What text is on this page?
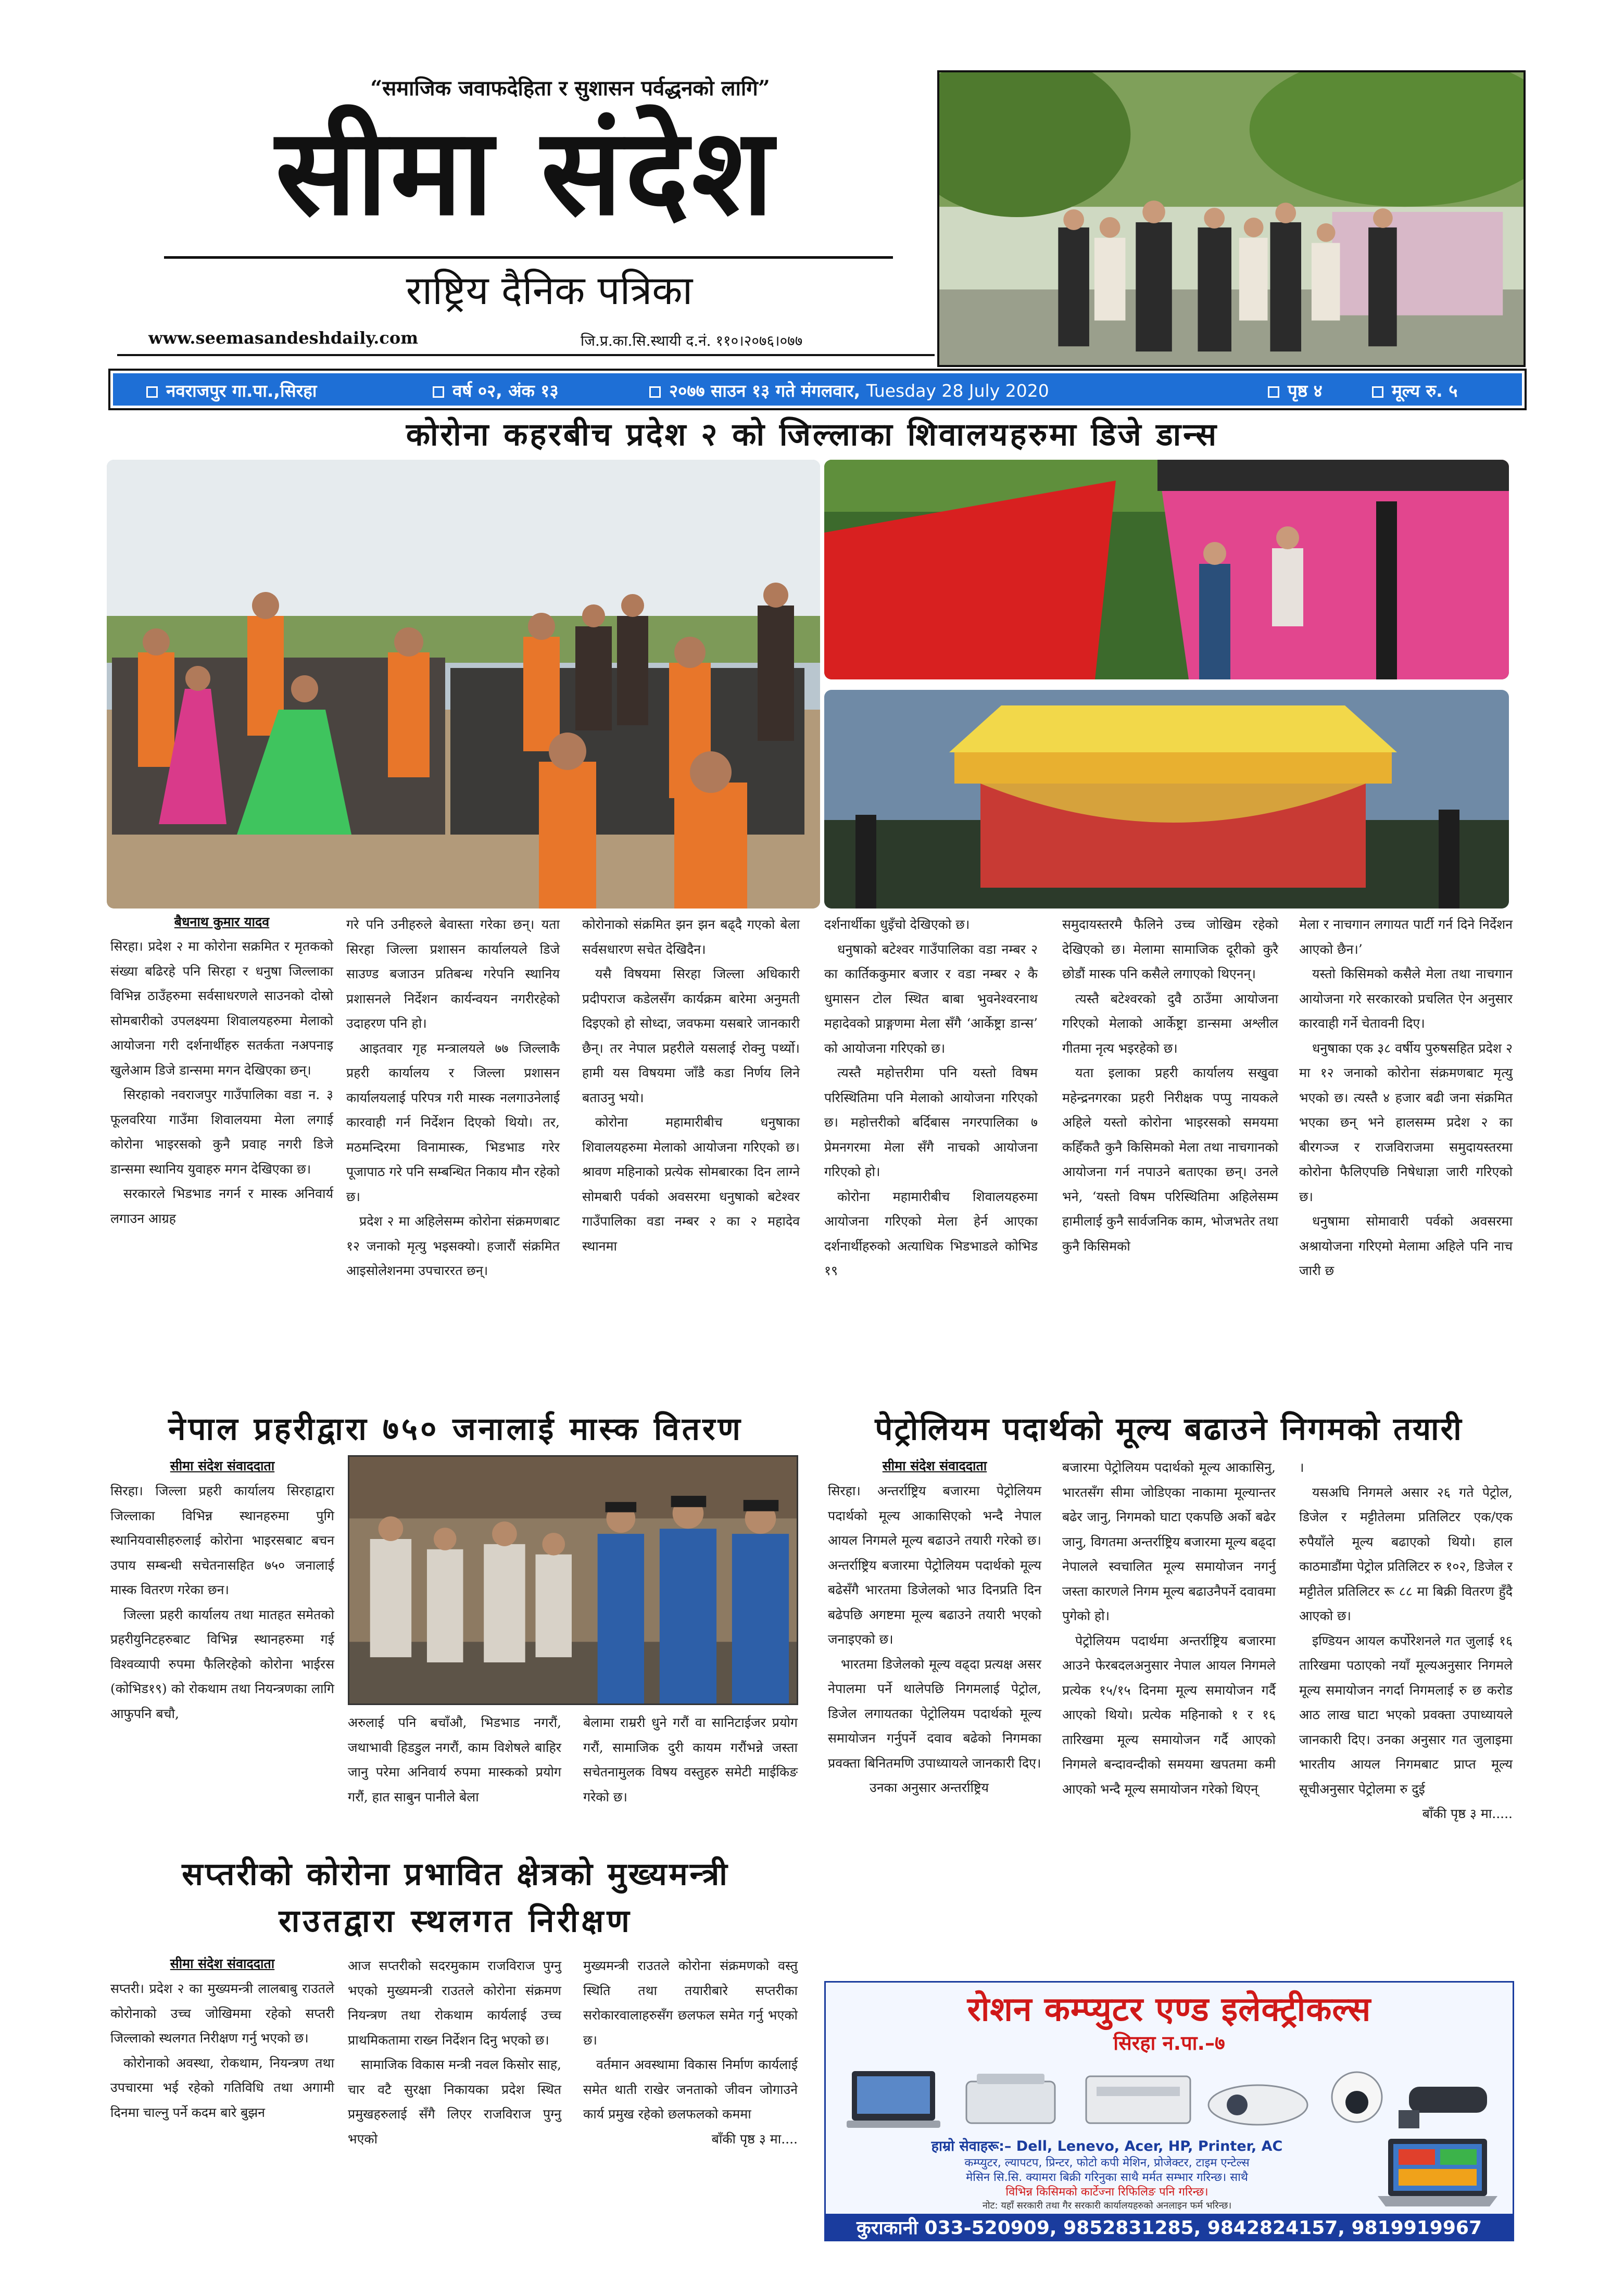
“समाजिक जवाफदेहिता र सुशासन पर्वद्धनको लागि”
सीमा संदेश
राष्ट्रिय दैनिक पत्रिका
www.seemasandeshdaily.com	जि.प्र.का.सि.स्थायी द.नं. ११०।२०७६।०७७
नवराजपुर गा.पा.,सिरहा	वर्ष ०२, अंक १३	२०७७ साउन १३ गते मंगलवार, Tuesday 28 July 2020	पृष्ठ ४	मूल्य रु. ५
कोरोना कहरबीच प्रदेश २ को जिल्लाका शिवालयहरुमा डिजे डान्स
बैधनाथ कुमार यादव

सिरहा। प्रदेश २ मा कोरोना सक्रमित र मृतकको संख्या बढिरहे पनि सिरहा र धनुषा जिल्लाका विभिन्न ठाउँहरुमा सर्वसाधरणले साउनको दोस्रो सोमबारीको उपलक्ष्यमा शिवालयहरुमा मेलाको आयोजना गरी दर्शनार्थीहरु सतर्कता नअपनाइ खुलेआम डिजे डान्समा मगन देखिएका छन्।

सिरहाको नवराजपुर गाउँपालिका वडा न. ३ फूलवरिया गाउँमा शिवालयमा मेला लगाई कोरोना भाइरसको कुनै प्रवाह नगरी डिजे डान्समा स्थानिय युवाहरु मगन देखिएका छ।

सरकारले भिडभाड नगर्न र मास्क अनिवार्य लगाउन आग्रह

गरे पनि उनीहरुले बेवास्ता गरेका छन्। यता सिरहा जिल्ला प्रशासन कार्यालयले डिजे साउण्ड बजाउन प्रतिबन्ध गरेपनि स्थानिय प्रशासनले निर्देशन कार्यन्वयन नगरीरहेको उदाहरण पनि हो।

आइतवार गृह मन्त्रालयले ७७ जिल्लाकै प्रहरी कार्यालय र जिल्ला प्रशासन कार्यालयलाई परिपत्र गरी मास्क नलगाउनेलाई कारवाही गर्न निर्देशन दिएको थियो। तर, मठमन्दिरमा विनामास्क, भिडभाड गरेर पूजापाठ गरे पनि सम्बन्धित निकाय मौन रहेको छ।

प्रदेश २ मा अहिलेसम्म कोरोना संक्रमणबाट १२ जनाको मृत्यु भइसक्यो। हजारौं संक्रमित आइसोलेशनमा उपचाररत छन्।

कोरोनाको संक्रमित झन झन बढ्दै गएको बेला सर्वसधारण सचेत देखिदैन।

यसै विषयमा सिरहा जिल्ला अधिकारी प्रदीपराज कडेलसँग कार्यक्रम बारेमा अनुमती दिइएको हो सोध्दा, जवफमा यसबारे जानकारी छैन्। तर नेपाल प्रहरीले यसलाई रोक्नु पर्थ्यो। हामी यस विषयमा जाँडै कडा निर्णय लिने बताउनु भयो।

कोरोना महामारीबीच धनुषाका शिवालयहरुमा मेलाको आयोजना गरिएको छ। श्रावण महिनाको प्रत्येक सोमबारका दिन लाग्ने सोमबारी पर्वको अवसरमा धनुषाको बटेश्वर गाउँपालिका वडा नम्बर २ का २ महादेव स्थानमा

दर्शनार्थीका धुइँचो देखिएको छ।

धनुषाको बटेश्वर गाउँपालिका वडा नम्बर २ का कार्तिककुमार बजार र वडा नम्बर २ कै धुमासन टोल स्थित बाबा भुवनेश्वरनाथ महादेवको प्राङ्गणमा मेला सँगै ‘आर्केष्ट्रा डान्स’ को आयोजना गरिएको छ।

त्यस्तै महोत्तरीमा पनि यस्तो विषम परिस्थितिमा पनि मेलाको आयोजना गरिएको छ। महोत्तरीको बर्दिबास नगरपालिका ७ प्रेमनगरमा मेला सँगै नाचको आयोजना गरिएको हो।

कोरोना महामारीबीच शिवालयहरुमा आयोजना गरिएको मेला हेर्न आएका दर्शनार्थीहरुको अत्याधिक भिडभाडले कोभिड १९

समुदायस्तरमै फैलिने उच्च जोखिम रहेको देखिएको छ। मेलामा सामाजिक दूरीको कुरै छोडौं मास्क पनि कसैले लगाएको थिएनन्।

त्यस्तै बटेश्वरको दुवै ठाउँमा आयोजना गरिएको मेलाको आर्केष्ट्रा डान्समा अश्लील गीतमा नृत्य भइरहेको छ।

यता इलाका प्रहरी कार्यालय सखुवा महेन्द्रनगरका प्रहरी निरीक्षक पप्पु नायकले अहिले यस्तो कोरोना भाइरसको समयमा कहिँकतै कुनै किसिमको मेला तथा नाचगानको आयोजना गर्न नपाउने बताएका छन्। उनले भने, ‘यस्तो विषम परिस्थितिमा अहिलेसम्म हामीलाई कुनै सार्वजनिक काम, भोजभतेर तथा कुनै किसिमको

मेला र नाचगान लगायत पार्टी गर्न दिने निर्देशन आएको छैन।’

यस्तो किसिमको कसैले मेला तथा नाचगान आयोजना गरे सरकारको प्रचलित ऐन अनुसार कारवाही गर्ने चेतावनी दिए।

धनुषाका एक ३८ वर्षीय पुरुषसहित प्रदेश २ मा १२ जनाको कोरोना संक्रमणबाट मृत्यु भएको छ। त्यस्तै ४ हजार बढी जना संक्रमित भएका छन् भने हालसम्म प्रदेश २ का बीरगञ्ज र राजविराजमा समुदायस्तरमा कोरोना फैलिएपछि निषेधाज्ञा जारी गरिएको छ।

धनुषामा सोमावारी पर्वको अवसरमा अश्रायोजना गरिएमो मेलामा अहिले पनि नाच जारी छ

नेपाल प्रहरीद्वारा ७५० जनालाई मास्क वितरण
सीमा संदेश संवाददाता

सिरहा। जिल्ला प्रहरी कार्यालय सिरहाद्वारा जिल्लाका विभिन्न स्थानहरुमा पुगि स्थानियवासीहरुलाई कोरोना भाइरसबाट बचन उपाय सम्बन्धी सचेतनासहित ७५० जनालाई मास्क वितरण गरेका छन।

जिल्ला प्रहरी कार्यालय तथा मातहत समेतको प्रहरीयुनिटहरुबाट विभिन्न स्थानहरुमा गई विश्वव्यापी रुपमा फैलिरहेको कोरोना भाईरस (कोभिड१९) को रोकथाम तथा नियन्त्रणका लागि आफुपनि बचौ,

अरुलाई पनि बचाँऔ, भिडभाड नगरौं, जथाभावी हिडडुल नगरौं, काम विशेषले बाहिर जानु परेमा अनिवार्य रुपमा मास्कको प्रयोग गरौं, हात साबुन पानीले बेला

बेलामा राम्ररी धुने गरौं वा सानिटाईजर प्रयोग गरौं, सामाजिक दुरी कायम गरौंभन्ने जस्ता सचेतनामुलक विषय वस्तुहरु समेटी माईकिङ गरेको छ।

पेट्रोलियम पदार्थको मूल्य बढाउने निगमको तयारी
सीमा संदेश संवाददाता

सिरहा। अन्तर्राष्ट्रिय बजारमा पेट्रोलियम पदार्थको मूल्य आकासिएको भन्दै नेपाल आयल निगमले मूल्य बढाउने तयारी गरेको छ। अन्तर्राष्ट्रिय बजारमा पेट्रोलियम पदार्थको मूल्य बढेसँगै भारतमा डिजेलको भाउ दिनप्रति दिन बढेपछि अगष्टमा मूल्य बढाउने तयारी भएको जनाइएको छ।

भारतमा डिजेलको मूल्य वढ्दा प्रत्यक्ष असर नेपालमा पर्ने थालेपछि निगमलाई पेट्रोल, डिजेल लगायतका पेट्रोलियम पदार्थको मूल्य समायोजन गर्नुपर्ने दवाव बढेको निगमका प्रवक्ता बिनितमणि उपाध्यायले जानकारी दिए।

उनका अनुसार अन्तर्राष्ट्रिय

बजारमा पेट्रोलियम पदार्थको मूल्य आकासिनु, भारतसँग सीमा जोडिएका नाकामा मूल्यान्तर बढेर जानु, निगमको घाटा एकपछि अर्को बढेर जानु, विगतमा अन्तर्राष्ट्रिय बजारमा मूल्य बढ्दा नेपालले स्वचालित मूल्य समायोजन नगर्नु जस्ता कारणले निगम मूल्य बढाउनैपर्ने दवावमा पुगेको हो।

पेट्रोलियम पदार्थमा अन्तर्राष्ट्रिय बजारमा आउने फेरबदलअनुसार नेपाल आयल निगमले प्रत्येक १५/१५ दिनमा मूल्य समायोजन गर्दै आएको थियो। प्रत्येक महिनाको १ र १६ तारिखमा मूल्य समायोजन गर्दै आएको निगमले बन्दावन्दीको समयमा खपतमा कमी आएको भन्दै मूल्य समायोजन गरेको थिएन्

।

यसअघि निगमले असार २६ गते पेट्रोल, डिजेल र मट्टीतेलमा प्रतिलिटर एक/एक रुपैयाँले मूल्य बढाएको थियो। हाल काठमाडौंमा पेट्रोल प्रतिलिटर रु १०२, डिजेल र मट्टीतेल प्रतिलिटर रू ८८ मा बिक्री वितरण हुँदै आएको छ।

इण्डियन आयल कर्पोरेशनले गत जुलाई १६ तारिखमा पठाएको नयाँ मूल्यअनुसार निगमले मूल्य समायोजन नगर्दा निगमलाई रु छ करोड आठ लाख घाटा भएको प्रवक्ता उपाध्यायले जानकारी दिए। उनका अनुसार गत जुलाइमा भारतीय आयल निगमबाट प्राप्त मूल्य सूचीअनुसार पेट्रोलमा रु दुई

बाँकी पृष्ठ ३ मा.....

सप्तरीको कोरोना प्रभावित क्षेत्रको मुख्यमन्त्री
राउतद्वारा स्थलगत निरीक्षण
सीमा संदेश संवाददाता

सप्तरी। प्रदेश २ का मुख्यमन्त्री लालबाबु राउतले कोरोनाको उच्च जोखिममा रहेको सप्तरी जिल्लाको स्थलगत निरीक्षण गर्नु भएको छ।

कोरोनाको अवस्था, रोकथाम, नियन्त्रण तथा उपचारमा भई रहेको गतिविधि तथा अगामी दिनमा चाल्नु पर्ने कदम बारे बुझन

आज सप्तरीको सदरमुकाम राजविराज पुग्नु भएको मुख्यमन्त्री राउतले कोरोना संक्रमण नियन्त्रण तथा रोकथाम कार्यलाई उच्च प्राथमिकतामा राख्न निर्देशन दिनु भएको छ।

सामाजिक विकास मन्त्री नवल किसोर साह, चार वटै सुरक्षा निकायका प्रदेश स्थित प्रमुखहरुलाई सँगै लिएर राजविराज पुग्नु भएको

मुख्यमन्त्री राउतले कोरोना संक्रमणको वस्तु स्थिति तथा तयारीबारे सप्तरीका सरोकारवालाहरुसँग छलफल समेत गर्नु भएको छ।

वर्तमान अवस्थामा विकास निर्माण कार्यलाई समेत थाती राखेर जनताको जीवन जोगाउने कार्य प्रमुख रहेको छलफलको कममा

बाँकी पृष्ठ ३ मा....

रोशन कम्प्युटर एण्ड इलेक्ट्रीकल्स
सिरहा न.पा.–७
हाम्रो सेवाहरू:– Dell, Lenevo, Acer, HP, Printer, AC
कम्प्युटर, ल्यापटप, प्रिन्टर, फोटो कपी मेशिन, प्रोजेक्टर, टाइम एन्टेल्स
मेसिन सि.सि. क्यामरा बिक्री गरिनुका साथै मर्मत सम्भार गरिन्छ। साथै
विभिन्न किसिमको कार्टेज्ना रिफिलिङ पनि गरिन्छ।
नोट: यहाँ सरकारी तथा गैर सरकारी कार्यालयहरुको अनलाइन फर्म भरिन्छ।
कुराकानी 033-520909, 9852831285, 9842824157, 9819919967
